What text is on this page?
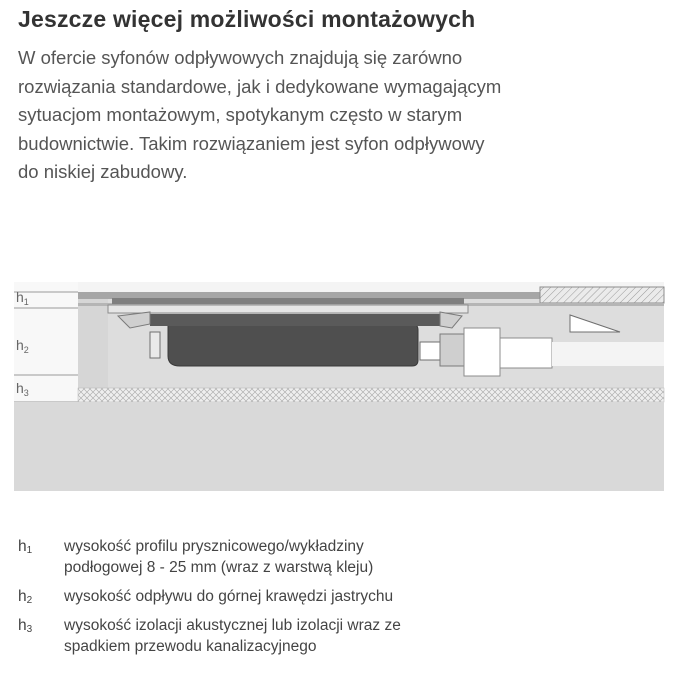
Jeszcze więcej możliwości montażowych
W ofercie syfonów odpływowych znajdują się zarówno
rozwiązania standardowe, jak i dedykowane wymagającym
sytuacjom montażowym, spotykanym często w starym
budownictwie. Takim rozwiązaniem jest syfon odpływowy
do niskiej zabudowy.
$h_1$
$h_2$
$h_3$
$h_1$ wysokość profilu prysznicowego/wykładziny
podłogowej 8 - 25 mm (wraz z warstwą kleju)
$h_2$ wysokość odpływu do górnej krawędzi jastrychu
$h_3$ wysokość izolacji akustycznej lub izolacji wraz ze
spadkiem przewodu kanalizacyjnego
